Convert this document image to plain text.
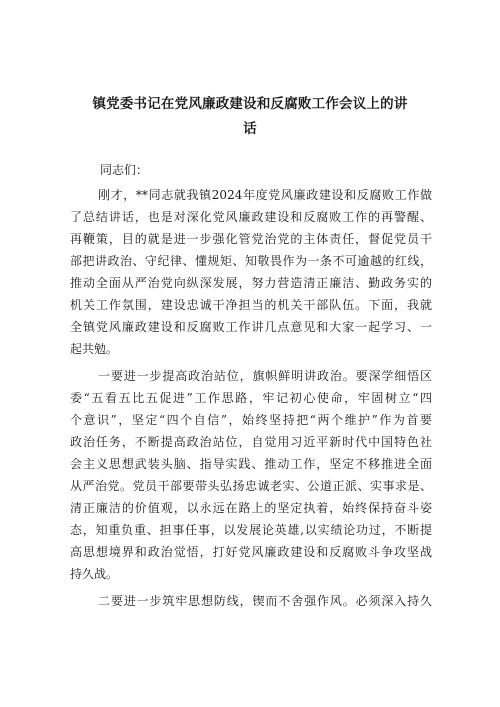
镇党委书记在党风廉政建设和反腐败工作会议上的讲
话
同志们：
刚才，**同志就我镇2024年度党风廉政建设和反腐败工作做
了总结讲话，也是对深化党风廉政建设和反腐败工作的再警醒、
再鞭策，目的就是进一步强化管党治党的主体责任，督促党员干
部把讲政治、守纪律、懂规矩、知敬畏作为一条不可逾越的红线，
推动全面从严治党向纵深发展，努力营造清正廉洁、勤政务实的
机关工作氛围，建设忠诚干净担当的机关干部队伍。下面，我就
全镇党风廉政建设和反腐败工作讲几点意见和大家一起学习、一
起共勉。
一要进一步提高政治站位，旗帜鲜明讲政治。要深学细悟区
委“五看五比五促进”工作思路，牢记初心使命，牢固树立“四
个意识”，坚定“四个自信”，始终坚持把“两个维护”作为首要
政治任务，不断提高政治站位，自觉用习近平新时代中国特色社
会主义思想武装头脑、指导实践、推动工作，坚定不移推进全面
从严治党。党员干部要带头弘扬忠诚老实、公道正派、实事求是、
清正廉洁的价值观，以永远在路上的坚定执着，始终保持奋斗姿
态，知重负重、担事任事，以发展论英雄,以实绩论功过，不断提
高思想境界和政治觉悟，打好党风廉政建设和反腐败斗争攻坚战
持久战。
二要进一步筑牢思想防线，锲而不舍强作风。必须深入持久
